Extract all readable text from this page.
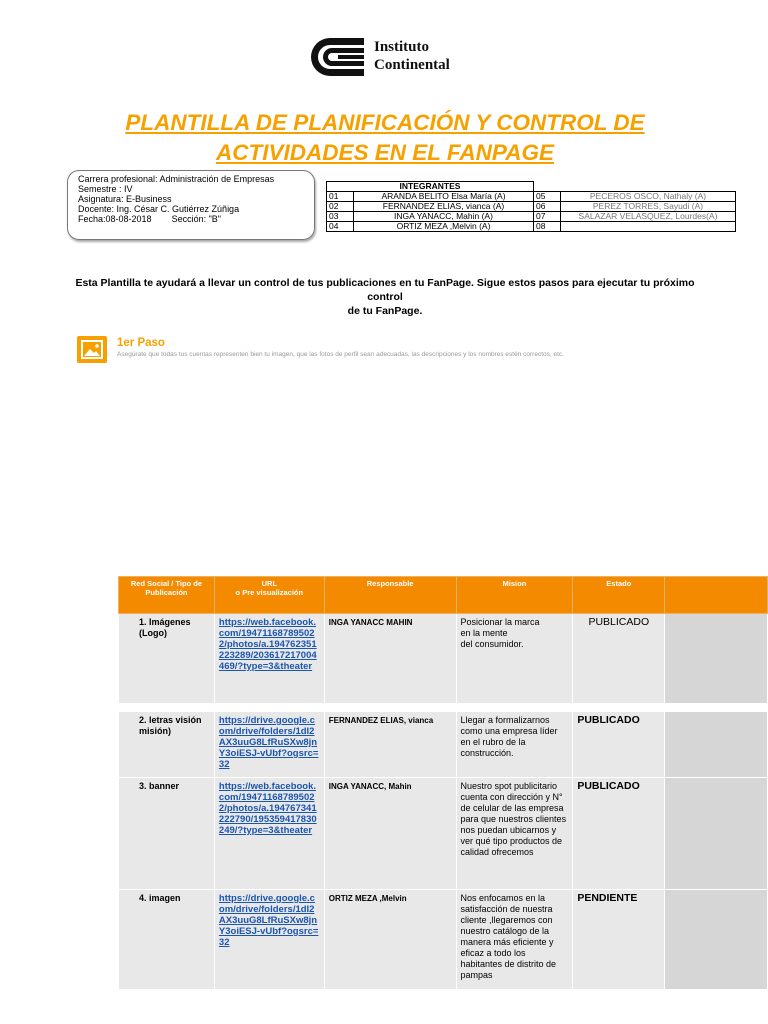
Instituto
Continental
PLANTILLA DE PLANIFICACIÓN Y CONTROL DE
ACTIVIDADES EN EL FANPAGE
Carrera profesional: Administración de Empresas
Semestre : IV
Asignatura: E-Business
Docente: Ing. César C. Gutiérrez Zúñiga
Fecha:08-08-2018 Sección: "B"
INTEGRANTES			
01	ARANDA BELITO Elsa María (A)	05	PECEROS OSCO, Nathaly (A)
02	FERNANDEZ ELIAS, vianca (A)	06	PEREZ TORRES, Sayudi (A)
03	INGA YANACC, Mahin (A)	07	SALAZAR VELASQUEZ, Lourdes(A)
04	ORTIZ MEZA ,Melvin (A)	08	
Esta Plantilla te ayudará a llevar un control de tus publicaciones en tu FanPage. Sigue estos pasos para ejecutar tu próximo control
de tu FanPage.
1er Paso
Asegúrate que todas tus cuentas representen bien tu imagen, que las fotos de perfil sean adecuadas, las descripciones y los nombres estén correctos, etc.
Red Social / Tipo de Publicación	URL
o Pre visualización	Responsable	Mision	Estado	
1. Imágenes (Logo)	https://web.facebook.com/194711687895022/photos/a.194762351223289/203617217004469/?type=3&theater	INGA YANACC MAHIN	Posicionar la marca
en la mente
del consumidor.	PUBLICADO	

2. letras visión misión)	https://drive.google.com/drive/folders/1dI2AX3uuG8LfRuSXw8jnY3oiESJ-vUbf?ogsrc=32	FERNANDEZ ELIAS, vianca	Llegar a formalizarnos como una empresa líder en el rubro de la construcción.	PUBLICADO	
3. banner	https://web.facebook.com/194711687895022/photos/a.194767341222790/195359417830249/?type=3&theater	INGA YANACC, Mahin	Nuestro spot publicitario cuenta con dirección y N° de celular de las empresa para que nuestros clientes nos puedan ubicarnos y ver qué tipo productos de calidad ofrecemos	PUBLICADO	
4. imagen	https://drive.google.com/drive/folders/1dI2AX3uuG8LfRuSXw8jnY3oiESJ-vUbf?ogsrc=32	ORTIZ MEZA ,Melvin	Nos enfocamos en la satisfacción de nuestra cliente ,llegaremos con nuestro catálogo de la manera más eficiente y eficaz a todo los habitantes de distrito de pampas	PENDIENTE	
